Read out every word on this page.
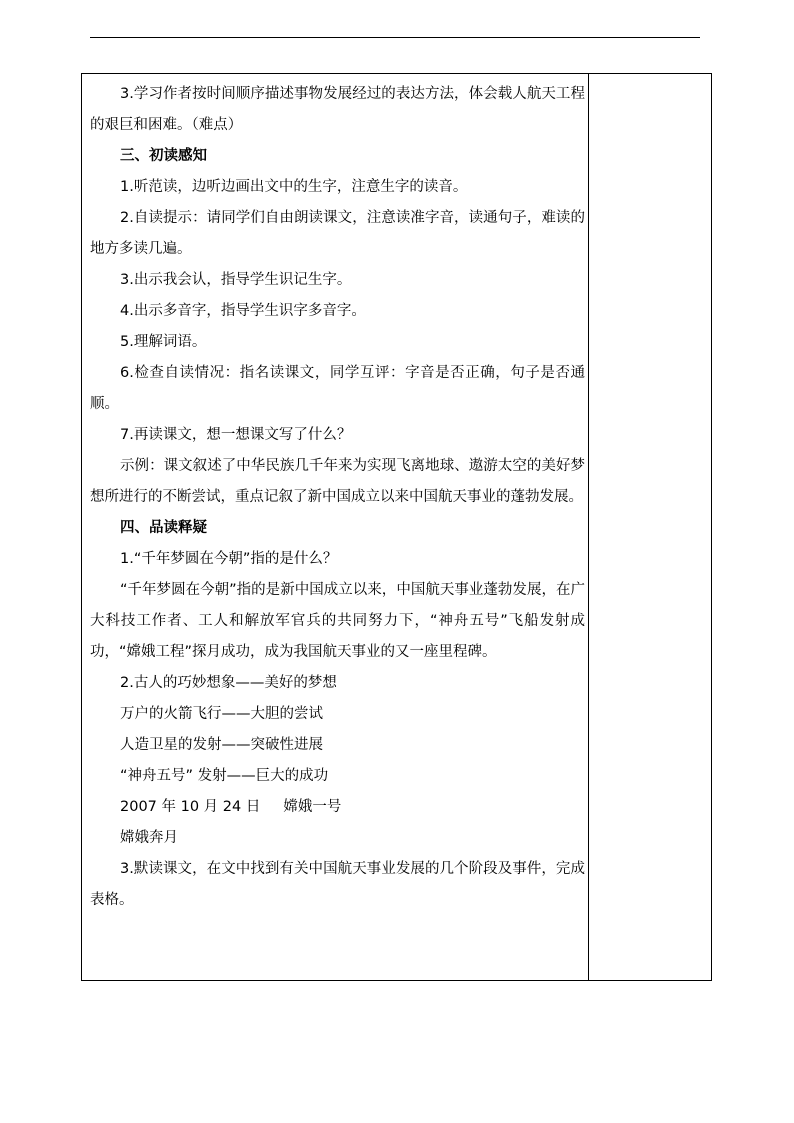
3.学习作者按时间顺序描述事物发展经过的表达方法，体会载人航天工程的艰巨和困难。（难点）

三、初读感知

1.听范读，边听边画出文中的生字，注意生字的读音。

2.自读提示：请同学们自由朗读课文，注意读准字音，读通句子，难读的地方多读几遍。

3.出示我会认，指导学生识记生字。

4.出示多音字，指导学生识字多音字。

5.理解词语。

6.检查自读情况：指名读课文，同学互评：字音是否正确，句子是否通顺。

7.再读课文，想一想课文写了什么？

示例：课文叙述了中华民族几千年来为实现飞离地球、遨游太空的美好梦想所进行的不断尝试，重点记叙了新中国成立以来中国航天事业的蓬勃发展。

四、品读释疑

1.“千年梦圆在今朝”指的是什么？

“千年梦圆在今朝”指的是新中国成立以来，中国航天事业蓬勃发展，在广大科技工作者、工人和解放军官兵的共同努力下，“神舟五号”飞船发射成功，“嫦娥工程”探月成功，成为我国航天事业的又一座里程碑。

2.古人的巧妙想象——美好的梦想

万户的火箭飞行——大胆的尝试

人造卫星的发射——突破性进展

“神舟五号” 发射——巨大的成功

2007 年 10 月 24 日     嫦娥一号

嫦娥奔月

3.默读课文，在文中找到有关中国航天事业发展的几个阶段及事件，完成表格。
